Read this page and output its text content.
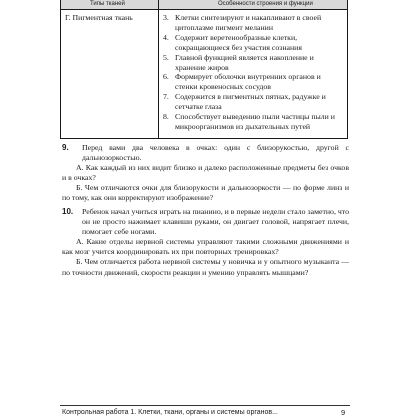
Типы тканей	Особенности строения и функции
Г. Пигментная ткань	3. Клетки синтезируют и накапливают в своей цитоплазме пигмент меланин
4. Содержит веретенообразные клетки, сокращающиеся без участия сознания
5. Главной функцией является накопление и хранение жиров
6. Формирует оболочки внутренних органов и стенки кровеносных сосудов
7. Содержится в пигментных пятнах, радужке и сетчатке глаза
8. Способствует выведению пыли частицы пыли и микроорганизмов из дыхательных путей
9.	Перед вами два человека в очках: один с близорукостью, другой с дальнозоркостью.

А. Как каждый из них видит близко и далеко расположенные предметы без очков и в очках?

Б. Чем отличаются очки для близорукости и дальнозоркости — по форме линз и по тому, как они корректируют изображение?

10.	Ребенок начал учиться играть на пианино, и в первые недели стало заметно, что он не просто нажимает клавиши руками, он двигает головой, напрягает плечи, помогает себе ногами.

А. Какие отделы нервной системы управляют такими сложными движениями и как мозг учится координировать их при повторных тренировках?

Б. Чем отличается работа нервной системы у новичка и у опытного музыканта — по точности движений, скорости реакции и умению управлять мышцами?

Контрольная работа 1. Клетки, ткани, органы и системы органов...	9
